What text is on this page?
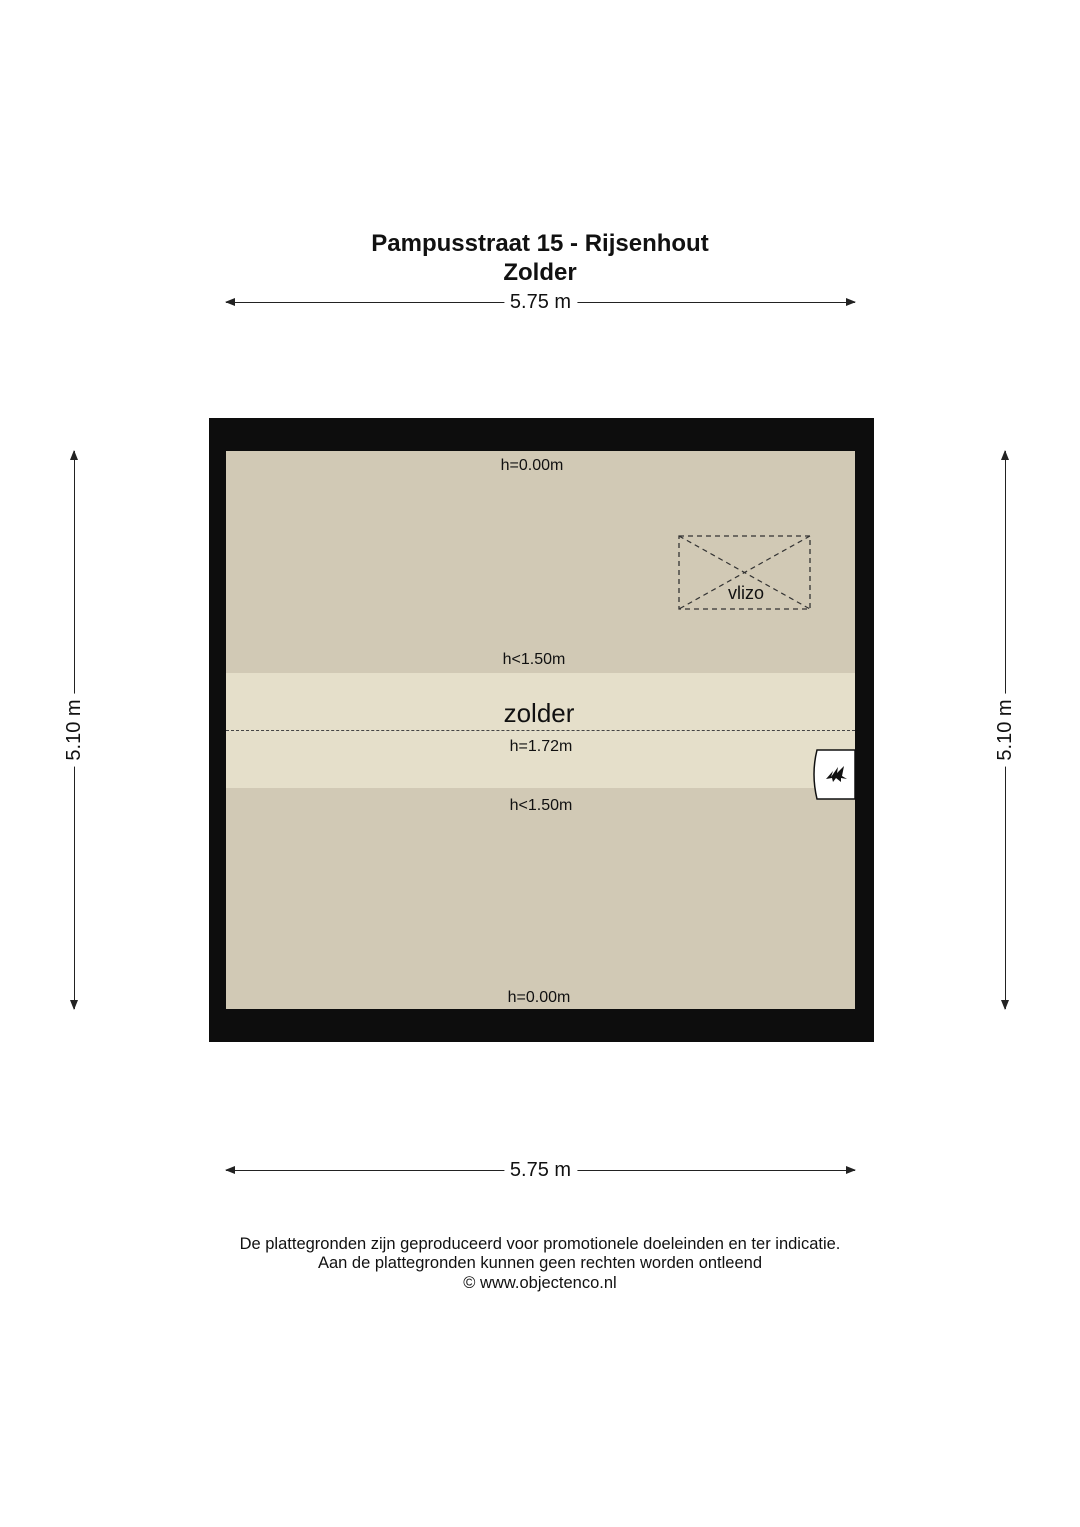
Pampusstraat 15 - Rijsenhout
Zolder
5.75 m
5.75 m
5.10 m	5.10 m
h=0.00m
h<1.50m
zolder
h=1.72m
h<1.50m
h=0.00m
vlizo
De plattegronden zijn geproduceerd voor promotionele doeleinden en ter indicatie.
Aan de plattegronden kunnen geen rechten worden ontleend
© www.objectenco.nl
